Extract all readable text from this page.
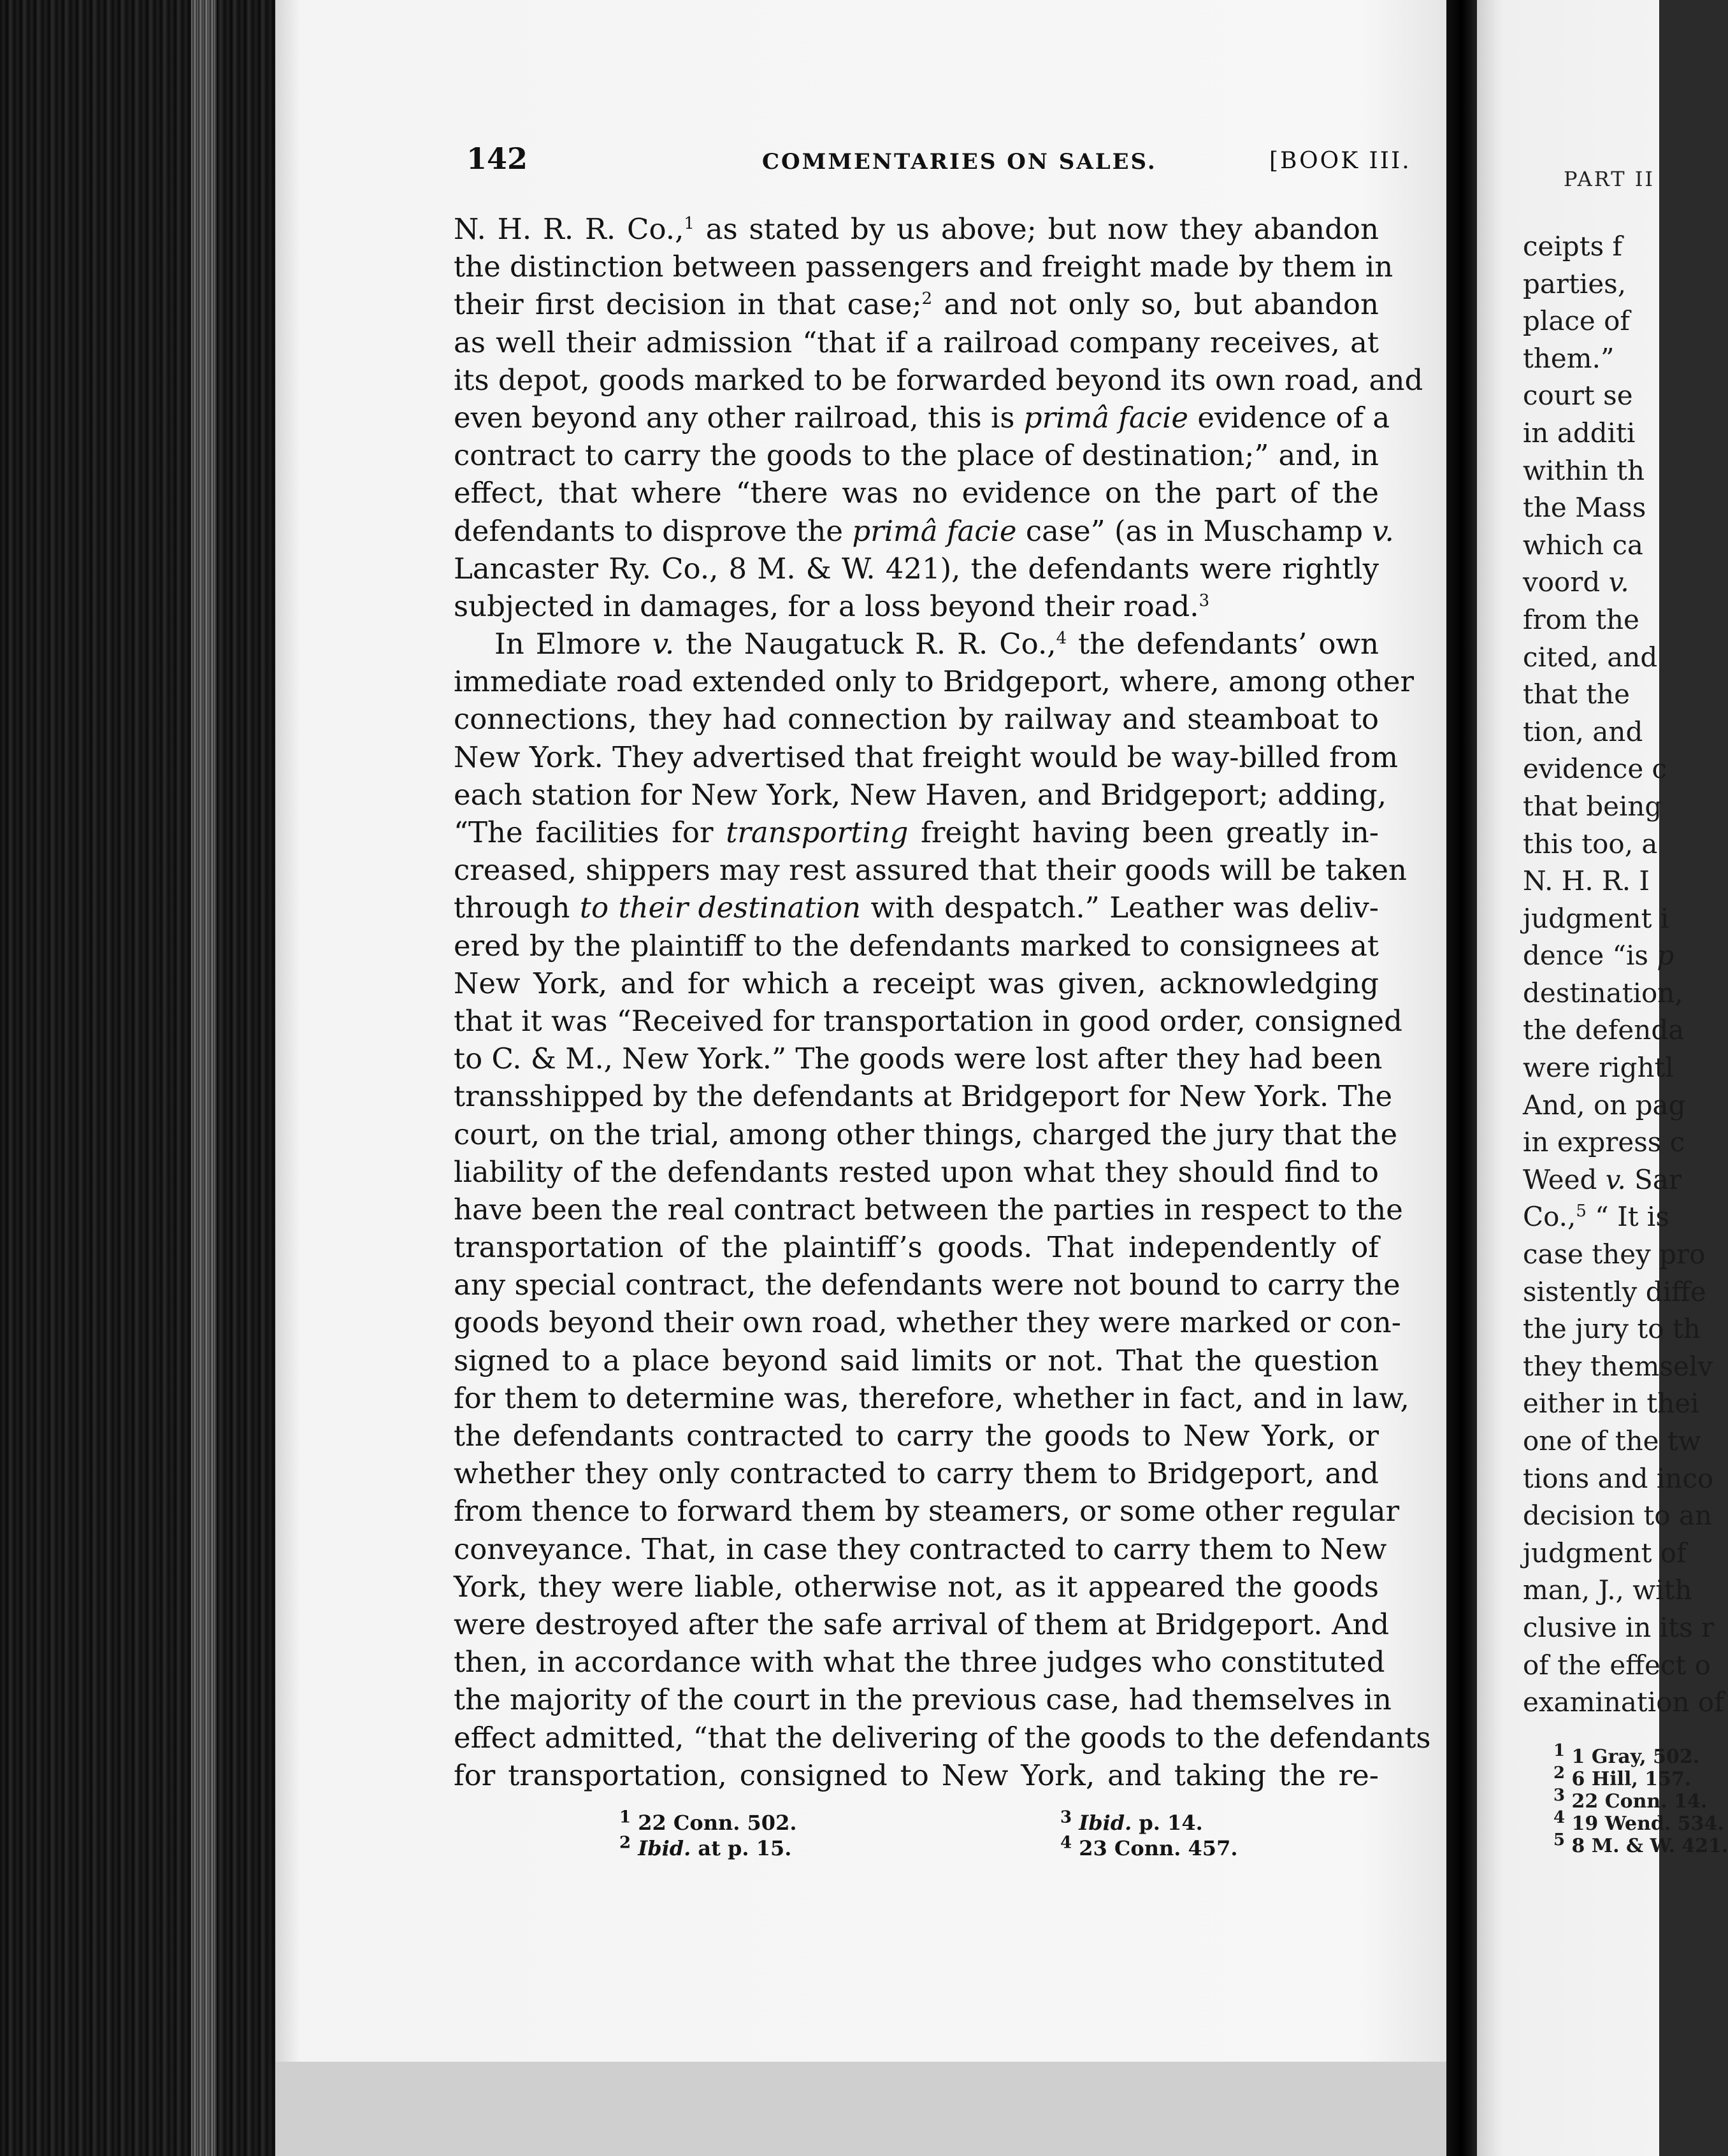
142	COMMENTARIES ON SALES.	[BOOK III.
N. H. R. R. Co.,$^1$ as stated by us above; but now they abandon
the distinction between passengers and freight made by them in
their first decision in that case;$^2$ and not only so, but abandon
as well their admission “that if a railroad company receives, at
its depot, goods marked to be forwarded beyond its own road, and
even beyond any other railroad, this is primâ facie evidence of a
contract to carry the goods to the place of destination;” and, in
effect, that where “there was no evidence on the part of the
defendants to disprove the primâ facie case” (as in Muschamp v.
Lancaster Ry. Co., 8 M. & W. 421), the defendants were rightly
subjected in damages, for a loss beyond their road.$^3$
In Elmore v. the Naugatuck R. R. Co.,$^4$ the defendants’ own
immediate road extended only to Bridgeport, where, among other
connections, they had connection by railway and steamboat to
New York. They advertised that freight would be way-billed from
each station for New York, New Haven, and Bridgeport; adding,
“The facilities for transporting freight having been greatly in-
creased, shippers may rest assured that their goods will be taken
through to their destination with despatch.” Leather was deliv-
ered by the plaintiff to the defendants marked to consignees at
New York, and for which a receipt was given, acknowledging
that it was “Received for transportation in good order, consigned
to C. & M., New York.” The goods were lost after they had been
transshipped by the defendants at Bridgeport for New York. The
court, on the trial, among other things, charged the jury that the
liability of the defendants rested upon what they should find to
have been the real contract between the parties in respect to the
transportation of the plaintiff’s goods. That independently of
any special contract, the defendants were not bound to carry the
goods beyond their own road, whether they were marked or con-
signed to a place beyond said limits or not. That the question
for them to determine was, therefore, whether in fact, and in law,
the defendants contracted to carry the goods to New York, or
whether they only contracted to carry them to Bridgeport, and
from thence to forward them by steamers, or some other regular
conveyance. That, in case they contracted to carry them to New
York, they were liable, otherwise not, as it appeared the goods
were destroyed after the safe arrival of them at Bridgeport. And
then, in accordance with what the three judges who constituted
the majority of the court in the previous case, had themselves in
effect admitted, “that the delivering of the goods to the defendants
for transportation, consigned to New York, and taking the re-
$^1$ 22 Conn. 502.
$^2$ Ibid. at p. 15.
$^3$ Ibid. p. 14.
$^4$ 23 Conn. 457.
PART II
ceipts f
parties,
place of
them.”
court se
in additi
within th
the Mass
which ca
voord v.
from the
cited, and
that the
tion, and
evidence c
that being
this too, a
N. H. R. I
judgment i
dence “is p
destination,
the defenda
were rightl
And, on pag
in express c
Weed v. Sar
Co.,$^5$ “ It is
case they pro
sistently diffe
the jury to th
they themselv
either in thei
one of the tw
tions and inco
decision to an
judgment of
man, J., with
clusive in its r
of the effect o
examination of
$^1$ 1 Gray, 502.
$^2$ 6 Hill, 157.
$^3$ 22 Conn. 14.
$^4$ 19 Wend. 534.
$^5$ 8 M. & W. 421.
